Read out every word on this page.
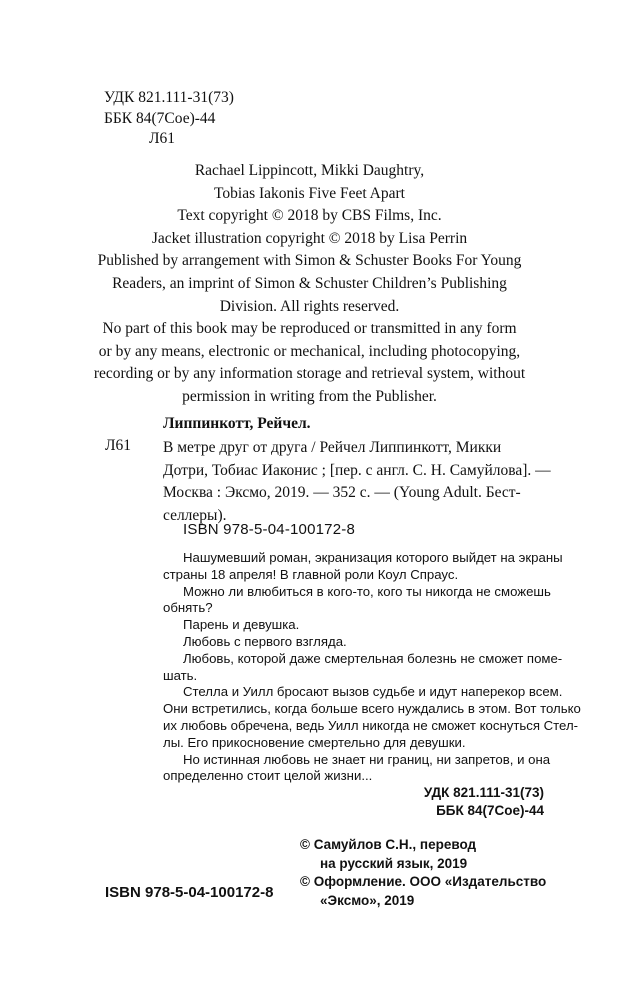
УДК 821.111-31(73)
ББК 84(7Сое)-44
Л61
Rachael Lippincott, Mikki Daughtry,
Tobias Iakonis Five Feet Apart
Text copyright © 2018 by CBS Films, Inc.
Jacket illustration copyright © 2018 by Lisa Perrin
Published by arrangement with Simon & Schuster Books For Young
Readers, an imprint of Simon & Schuster Children’s Publishing
Division. All rights reserved.
No part of this book may be reproduced or transmitted in any form
or by any means, electronic or mechanical, including photocopying,
recording or by any information storage and retrieval system, without
permission in writing from the Publisher.
Липпинкотт, Рейчел.
Л61 В метре друг от друга / Рейчел Липпинкотт, Микки
Дотри, Тобиас Иаконис ; [пер. с англ. С. Н. Самуйлова]. —
Москва : Эксмо, 2019. — 352 с. — (Young Adult. Бест-
селлеры).
ISBN 978-5-04-100172-8

Нашумевший роман, экранизация которого выйдет на экраны

страны 18 апреля! В главной роли Коул Спраус.

Можно ли влюбиться в кого-то, кого ты никогда не сможешь

обнять?

Парень и девушка.

Любовь с первого взгляда.

Любовь, которой даже смертельная болезнь не сможет поме-

шать.

Стелла и Уилл бросают вызов судьбе и идут наперекор всем.

Они встретились, когда больше всего нуждались в этом. Вот только

их любовь обречена, ведь Уилл никогда не сможет коснуться Стел-

лы. Его прикосновение смертельно для девушки.

Но истинная любовь не знает ни границ, ни запретов, и она

определенно стоит целой жизни...

УДК 821.111-31(73)
ББК 84(7Сое)-44
© Самуйлов С.Н., перевод
на русский язык, 2019
© Оформление. ООО «Издательство
«Эксмо», 2019
ISBN 978-5-04-100172-8
